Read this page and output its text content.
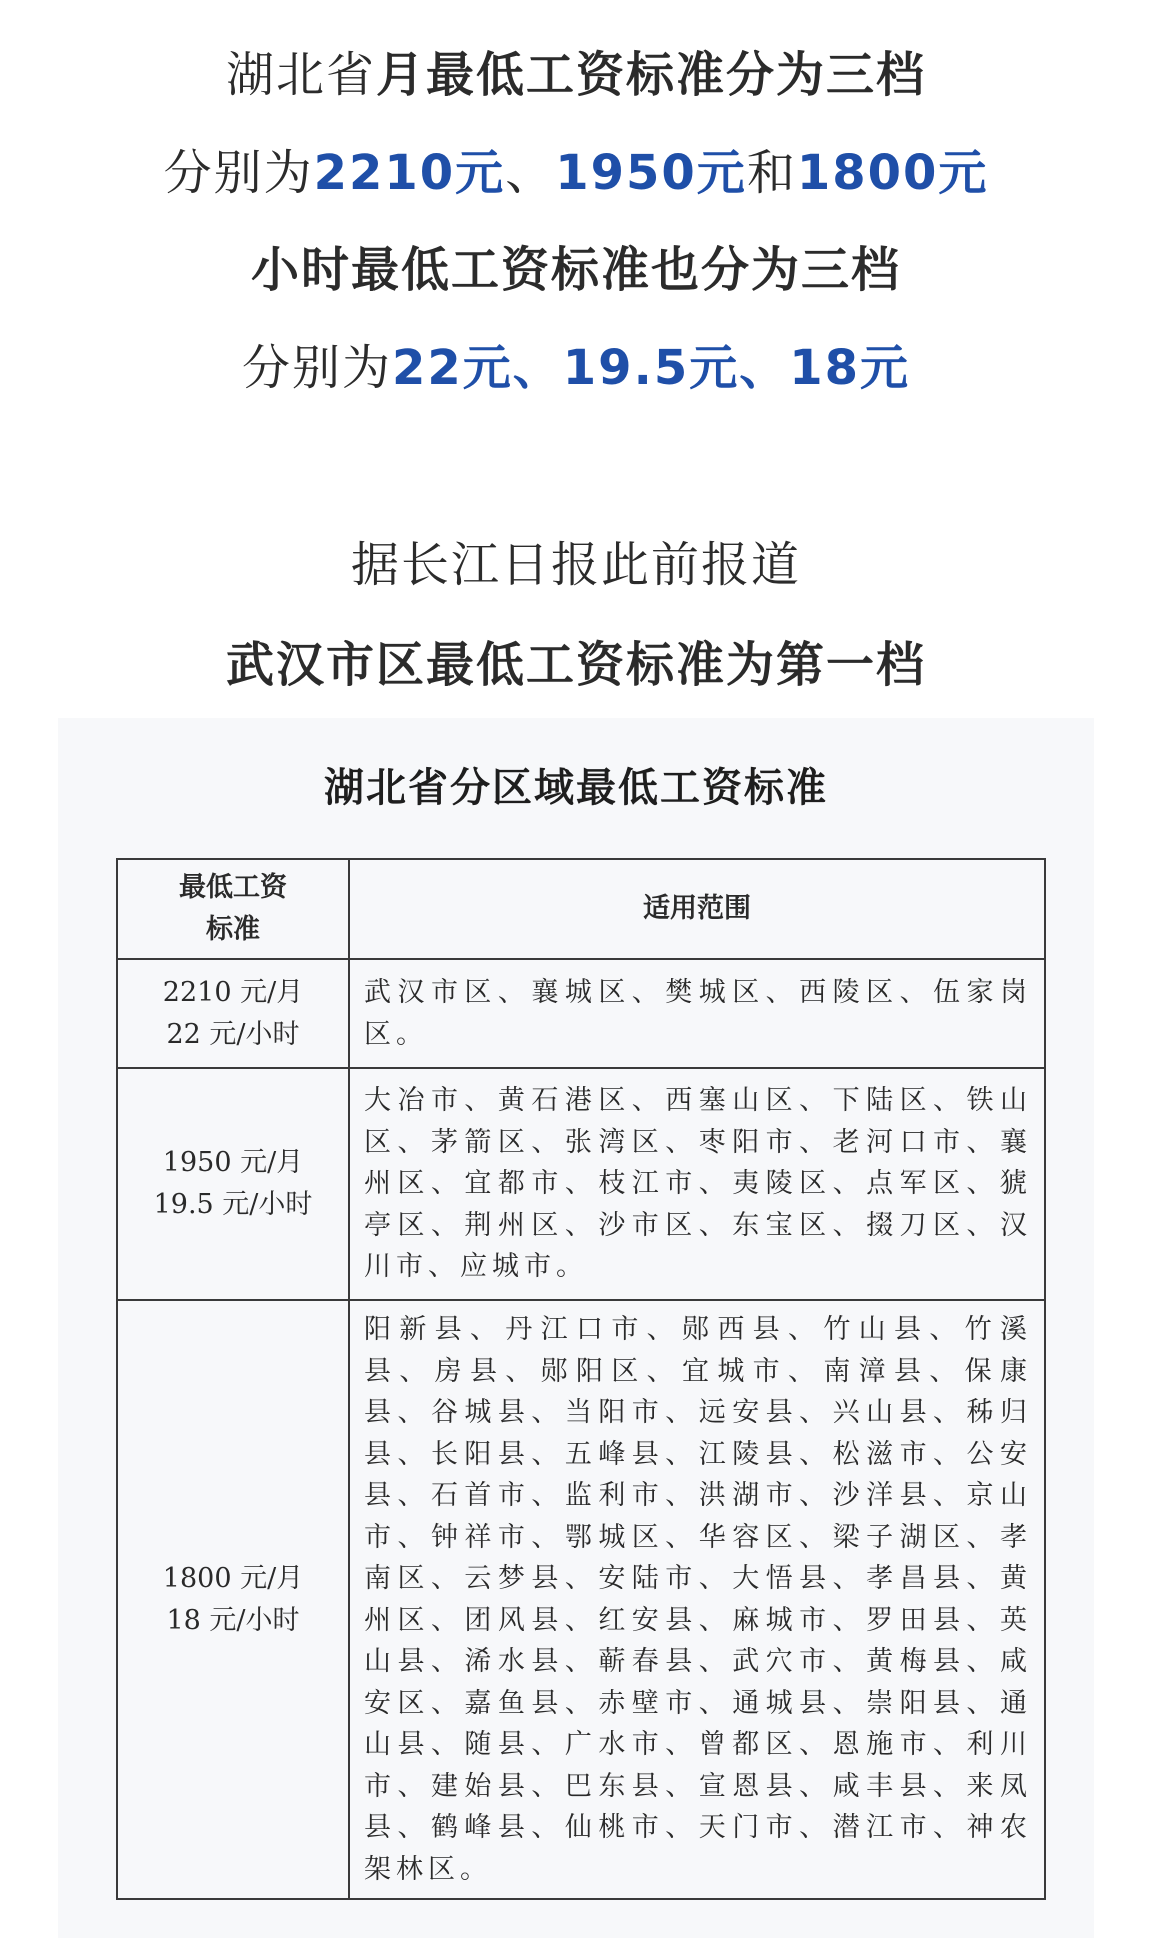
湖北省月最低工资标准分为三档
分别为2210元、1950元和1800元
小时最低工资标准也分为三档
分别为22元、19.5元、18元
据长江日报此前报道
武汉市区最低工资标准为第一档
湖北省分区域最低工资标准
最低工资
标准	适用范围

2210 元/月
22 元/小时	武汉市区、襄城区、樊城区、西陵区、伍家岗区。

1950 元/月
19.5 元/小时	大冶市、黄石港区、西塞山区、下陆区、铁山区、茅箭区、张湾区、枣阳市、老河口市、襄州区、宜都市、枝江市、夷陵区、点军区、猇亭区、荆州区、沙市区、东宝区、掇刀区、汉川市、应城市。

1800 元/月
18 元/小时	阳新县、丹江口市、郧西县、竹山县、竹溪县、房县、郧阳区、宜城市、南漳县、保康县、谷城县、当阳市、远安县、兴山县、秭归县、长阳县、五峰县、江陵县、松滋市、公安县、石首市、监利市、洪湖市、沙洋县、京山市、钟祥市、鄂城区、华容区、梁子湖区、孝南区、云梦县、安陆市、大悟县、孝昌县、黄州区、团风县、红安县、麻城市、罗田县、英山县、浠水县、蕲春县、武穴市、黄梅县、咸安区、嘉鱼县、赤壁市、通城县、崇阳县、通山县、随县、广水市、曾都区、恩施市、利川市、建始县、巴东县、宣恩县、咸丰县、来凤县、鹤峰县、仙桃市、天门市、潜江市、神农架林区。
